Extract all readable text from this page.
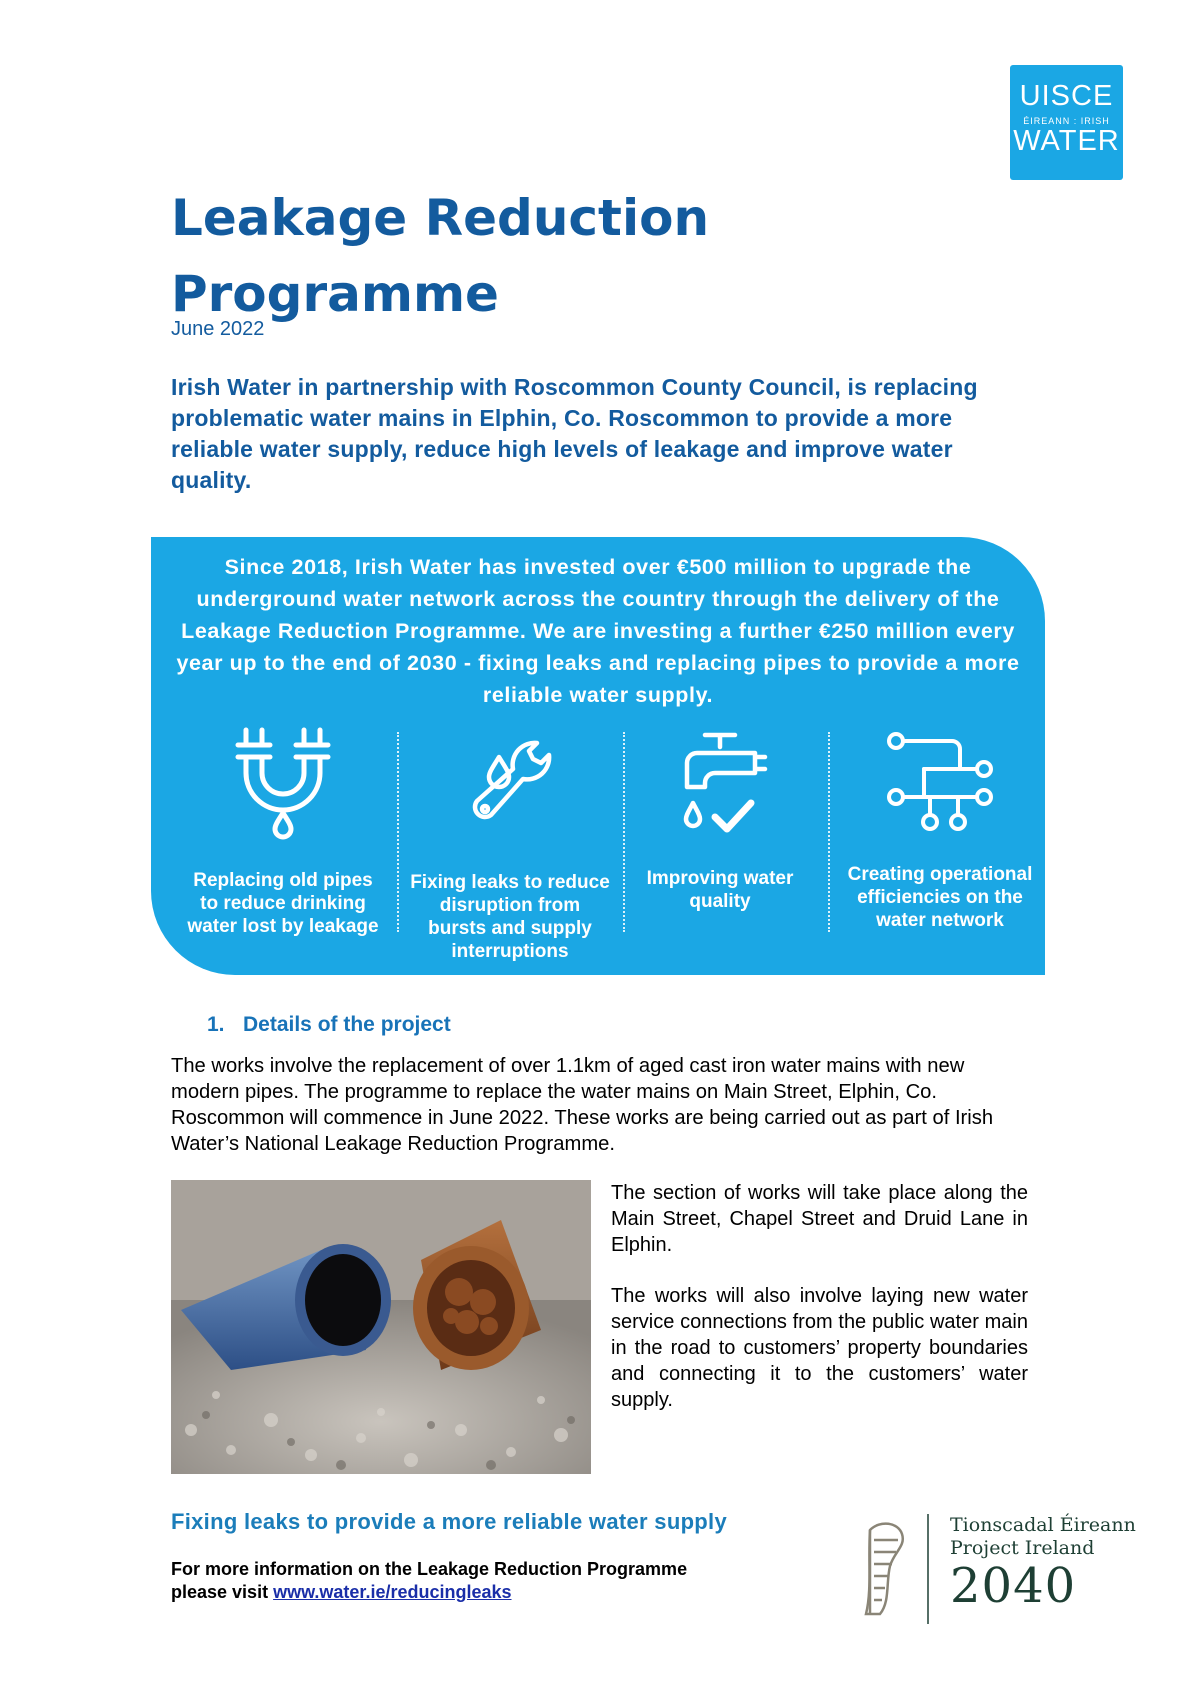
UISCE
ÉIREANN : IRISH
WATER
Leakage Reduction Programme
June 2022
Irish Water in partnership with Roscommon County Council, is replacing problematic water mains in Elphin, Co. Roscommon to provide a more reliable water supply, reduce high levels of leakage and improve water quality.
Since 2018, Irish Water has invested over €500 million to upgrade the underground water network across the country through the delivery of the Leakage Reduction Programme. We are investing a further €250 million every year up to the end of 2030 - fixing leaks and replacing pipes to provide a more reliable water supply.
Replacing old pipes to reduce drinking water lost by leakage
Fixing leaks to reduce disruption from bursts and supply interruptions
Improving water quality
Creating operational efficiencies on the water network
1. Details of the project
The works involve the replacement of over 1.1km of aged cast iron water mains with new modern pipes. The programme to replace the water mains on Main Street, Elphin, Co. Roscommon will commence in June 2022. These works are being carried out as part of Irish Water’s National Leakage Reduction Programme.

The section of works will take place along the Main Street, Chapel Street and Druid Lane in Elphin.

The works will also involve laying new water service connections from the public water main in the road to customers’ property boundaries and connecting it to the customers’ water supply.

Fixing leaks to provide a more reliable water supply
For more information on the Leakage Reduction Programme
please visit www.water.ie/reducingleaks
Tionscadal Éireann
Project Ireland
2040
